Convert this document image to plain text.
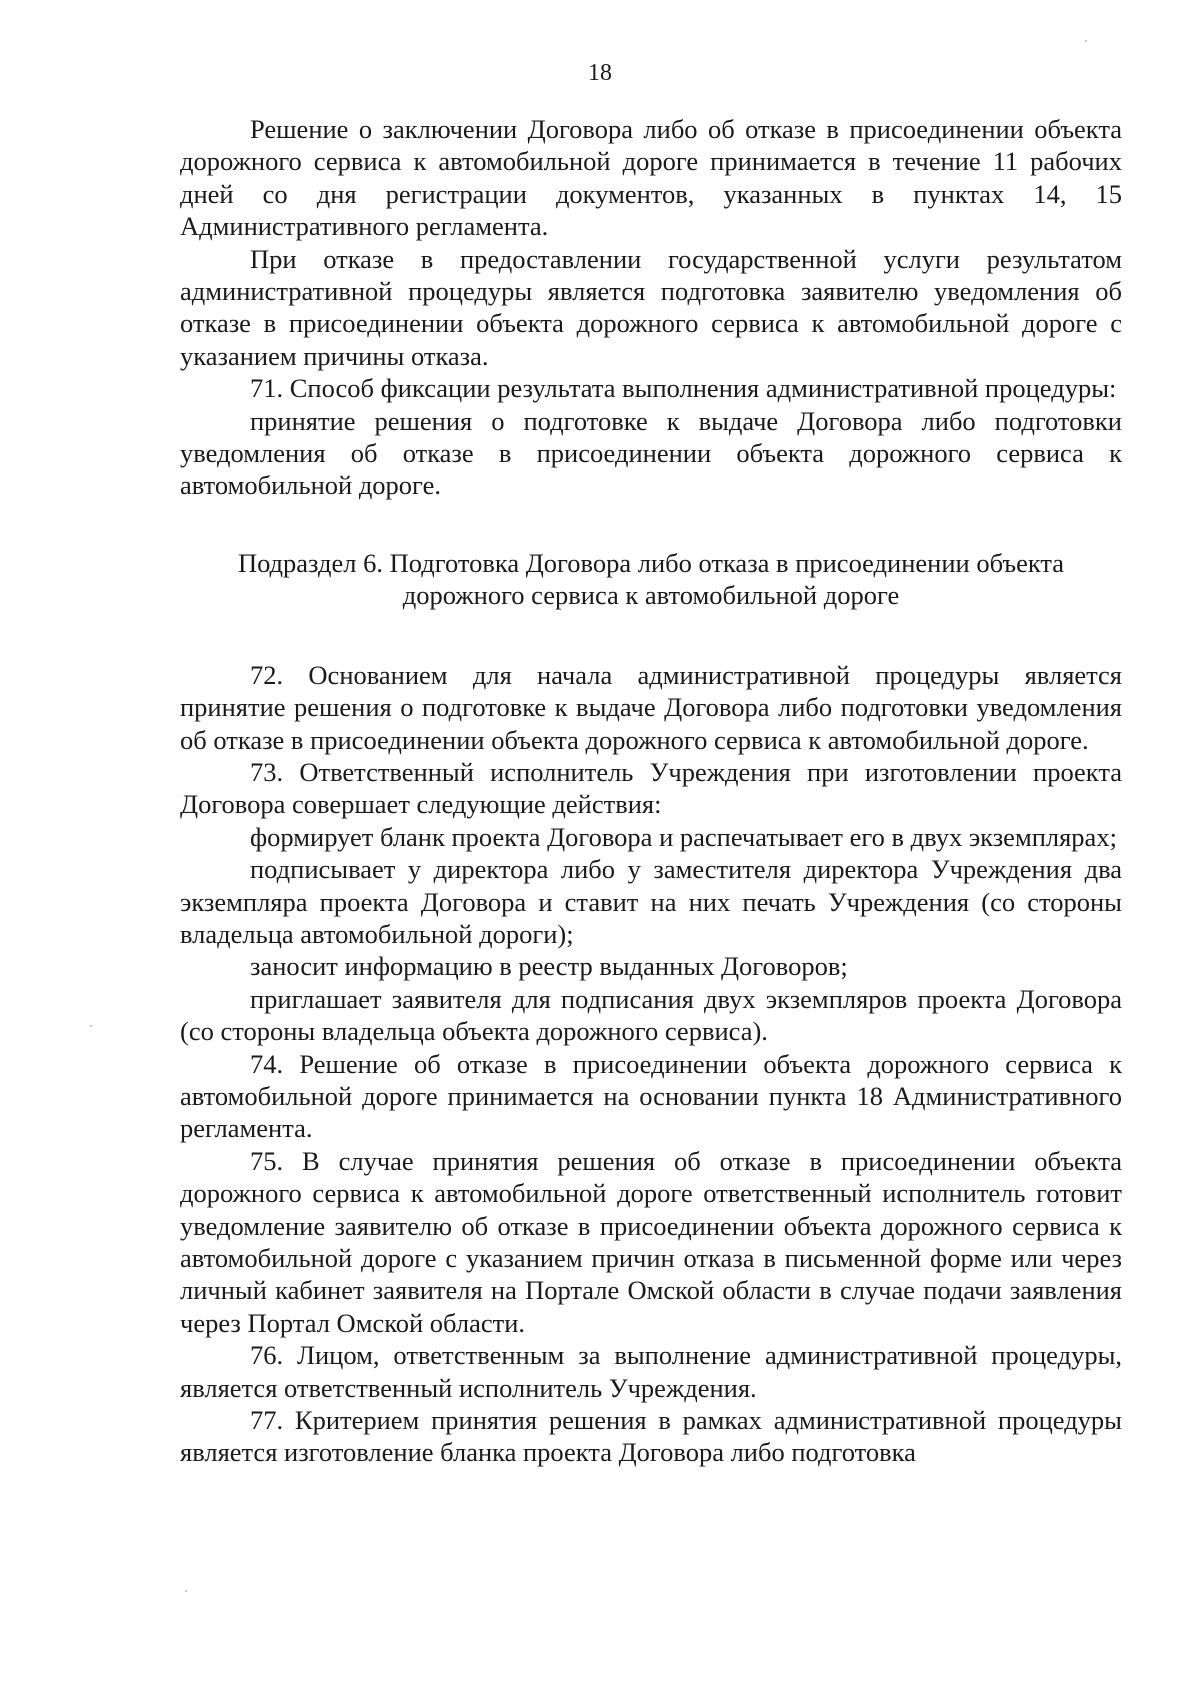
18

Решение о заключении Договора либо об отказе в присоединении объекта дорожного сервиса к автомобильной дороге принимается в течение 11 рабочих дней со дня регистрации документов, указанных в пунктах 14, 15 Административного регламента.

При отказе в предоставлении государственной услуги результатом административной процедуры является подготовка заявителю уведомления об отказе в присоединении объекта дорожного сервиса к автомобильной дороге с указанием причины отказа.

71. Способ фиксации результата выполнения административной процедуры:

принятие решения о подготовке к выдаче Договора либо подготовки уведомления об отказе в присоединении объекта дорожного сервиса к автомобильной дороге.

Подраздел 6. Подготовка Договора либо отказа в присоединении объекта
дорожного сервиса к автомобильной дороге

72. Основанием для начала административной процедуры является принятие решения о подготовке к выдаче Договора либо подготовки уведомления об отказе в присоединении объекта дорожного сервиса к автомобильной дороге.

73. Ответственный исполнитель Учреждения при изготовлении проекта Договора совершает следующие действия:

формирует бланк проекта Договора и распечатывает его в двух экземплярах;

подписывает у директора либо у заместителя директора Учреждения два экземпляра проекта Договора и ставит на них печать Учреждения (со стороны владельца автомобильной дороги);

заносит информацию в реестр выданных Договоров;

приглашает заявителя для подписания двух экземпляров проекта Договора (со стороны владельца объекта дорожного сервиса).

74. Решение об отказе в присоединении объекта дорожного сервиса к автомобильной дороге принимается на основании пункта 18 Административного регламента.

75. В случае принятия решения об отказе в присоединении объекта дорожного сервиса к автомобильной дороге ответственный исполнитель готовит уведомление заявителю об отказе в присоединении объекта дорожного сервиса к автомобильной дороге с указанием причин отказа в письменной форме или через личный кабинет заявителя на Портале Омской области в случае подачи заявления через Портал Омской области.

76. Лицом, ответственным за выполнение административной процедуры, является ответственный исполнитель Учреждения.

77. Критерием принятия решения в рамках административной процедуры является изготовление бланка проекта Договора либо подготовка
